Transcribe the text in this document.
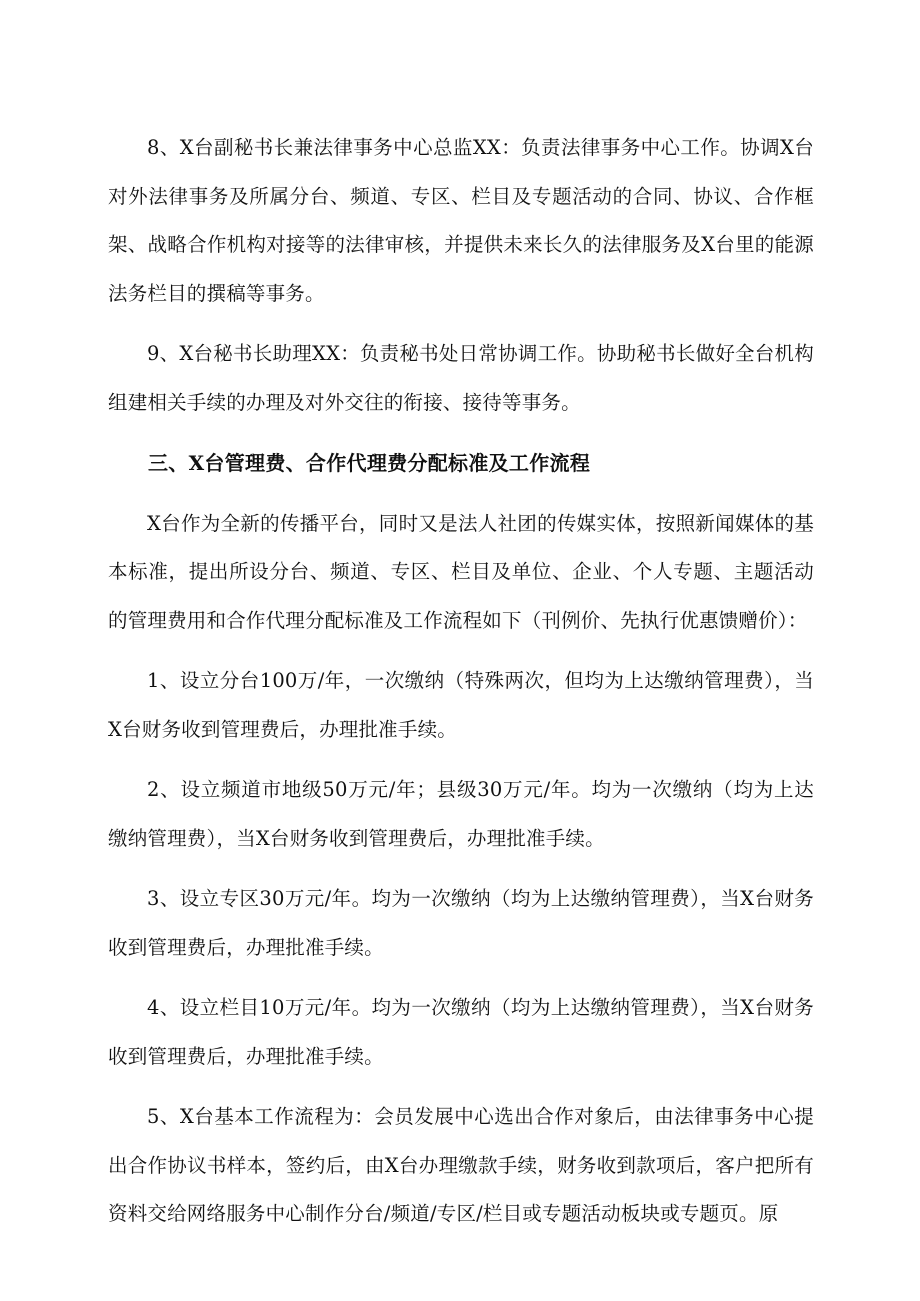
8、X台副秘书长兼法律事务中心总监XX：负责法律事务中心工作。协调X台对外法律事务及所属分台、频道、专区、栏目及专题活动的合同、协议、合作框架、战略合作机构对接等的法律审核，并提供未来长久的法律服务及X台里的能源法务栏目的撰稿等事务。

9、X台秘书长助理XX：负责秘书处日常协调工作。协助秘书长做好全台机构组建相关手续的办理及对外交往的衔接、接待等事务。

三、X台管理费、合作代理费分配标准及工作流程

X台作为全新的传播平台，同时又是法人社团的传媒实体，按照新闻媒体的基本标准，提出所设分台、频道、专区、栏目及单位、企业、个人专题、主题活动的管理费用和合作代理分配标准及工作流程如下（刊例价、先执行优惠馈赠价）：

1、设立分台100万/年，一次缴纳（特殊两次，但均为上达缴纳管理费），当X台财务收到管理费后，办理批准手续。

2、设立频道市地级50万元/年；县级30万元/年。均为一次缴纳（均为上达缴纳管理费），当X台财务收到管理费后，办理批准手续。

3、设立专区30万元/年。均为一次缴纳（均为上达缴纳管理费），当X台财务收到管理费后，办理批准手续。

4、设立栏目10万元/年。均为一次缴纳（均为上达缴纳管理费），当X台财务收到管理费后，办理批准手续。

5、X台基本工作流程为：会员发展中心选出合作对象后，由法律事务中心提出合作协议书样本，签约后，由X台办理缴款手续，财务收到款项后，客户把所有资料交给网络服务中心制作分台/频道/专区/栏目或专题活动板块或专题页。原
